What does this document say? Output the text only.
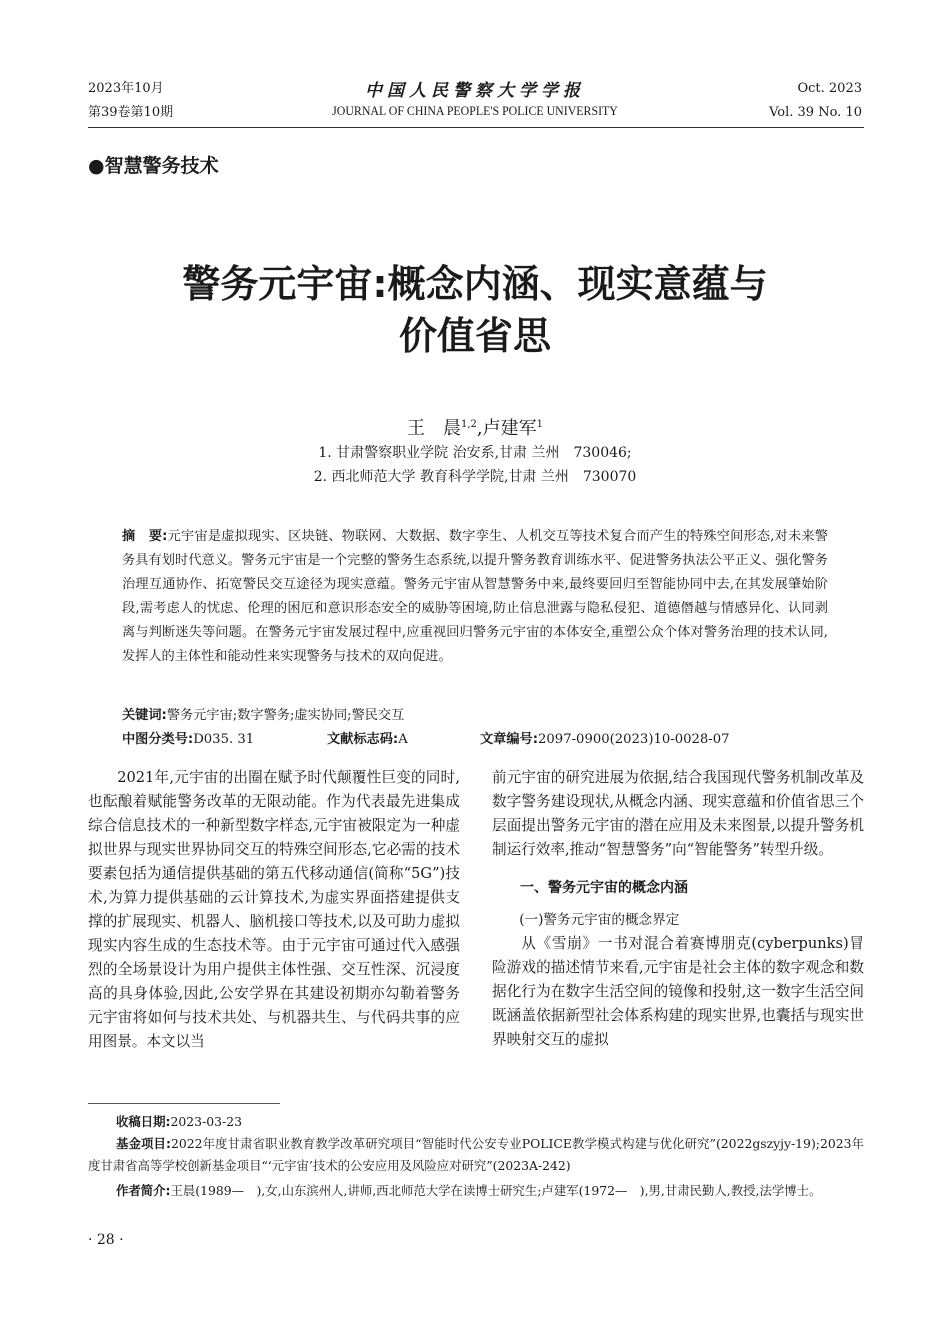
2023年10月
第39卷第10期
中国人民警察大学学报
JOURNAL OF CHINA PEOPLE'S POLICE UNIVERSITY
Oct. 2023
Vol. 39 No. 10
●智慧警务技术
警务元宇宙:概念内涵、现实意蕴与
价值省思
王　晨$^{1,2}$,卢建军$^1$
1. 甘肃警察职业学院 治安系,甘肃 兰州　730046;
2. 西北师范大学 教育科学学院,甘肃 兰州　730070
摘　要:元宇宙是虚拟现实、区块链、物联网、大数据、数字孪生、人机交互等技术复合而产生的特殊空间形态,对未来警务具有划时代意义。警务元宇宙是一个完整的警务生态系统,以提升警务教育训练水平、促进警务执法公平正义、强化警务治理互通协作、拓宽警民交互途径为现实意蕴。警务元宇宙从智慧警务中来,最终要回归至智能协同中去,在其发展肇始阶段,需考虑人的忧虑、伦理的困厄和意识形态安全的威胁等困境,防止信息泄露与隐私侵犯、道德僭越与情感异化、认同剥离与判断迷失等问题。在警务元宇宙发展过程中,应重视回归警务元宇宙的本体安全,重塑公众个体对警务治理的技术认同,发挥人的主体性和能动性来实现警务与技术的双向促进。
关键词:警务元宇宙;数字警务;虚实协同;警民交互
中图分类号:D035. 31	文献标志码:A	文章编号:2097-0900(2023)10-0028-07

2021年,元宇宙的出圈在赋予时代颠覆性巨变的同时,也酝酿着赋能警务改革的无限动能。作为代表最先进集成综合信息技术的一种新型数字样态,元宇宙被限定为一种虚拟世界与现实世界协同交互的特殊空间形态,它必需的技术要素包括为通信提供基础的第五代移动通信(简称“5G”)技术,为算力提供基础的云计算技术,为虚实界面搭建提供支撑的扩展现实、机器人、脑机接口等技术,以及可助力虚拟现实内容生成的生态技术等。由于元宇宙可通过代入感强烈的全场景设计为用户提供主体性强、交互性深、沉浸度高的具身体验,因此,公安学界在其建设初期亦勾勒着警务元宇宙将如何与技术共处、与机器共生、与代码共事的应用图景。本文以当

前元宇宙的研究进展为依据,结合我国现代警务机制改革及数字警务建设现状,从概念内涵、现实意蕴和价值省思三个层面提出警务元宇宙的潜在应用及未来图景,以提升警务机制运行效率,推动“智慧警务”向“智能警务”转型升级。

一、警务元宇宙的概念内涵
(一)警务元宇宙的概念界定

从《雪崩》一书对混合着赛博朋克(cyberpunks)冒险游戏的描述情节来看,元宇宙是社会主体的数字观念和数据化行为在数字生活空间的镜像和投射,这一数字生活空间既涵盖依据新型社会体系构建的现实世界,也囊括与现实世界映射交互的虚拟

收稿日期:2023-03-23
基金项目:2022年度甘肃省职业教育教学改革研究项目“智能时代公安专业POLICE教学模式构建与优化研究”(2022gszyjy-19);2023年度甘肃省高等学校创新基金项目“‘元宇宙’技术的公安应用及风险应对研究”(2023A-242)
作者简介:王晨(1989—　),女,山东滨州人,讲师,西北师范大学在读博士研究生;卢建军(1972—　),男,甘肃民勤人,教授,法学博士。
· 28 ·
